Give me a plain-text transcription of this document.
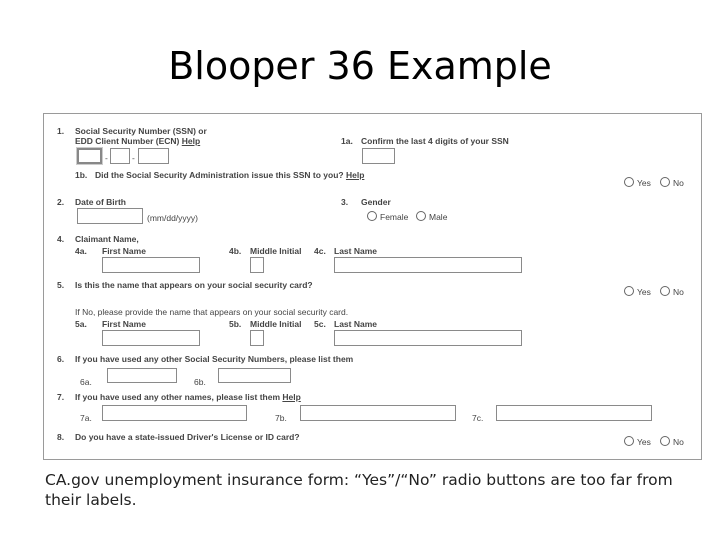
Blooper 36 Example
1. Social Security Number (SSN) or
EDD Client Number (ECN) Help
-	-
1a. Confirm the last 4 digits of your SSN
1b. Did the Social Security Administration issue this SSN to you? Help
Yes	No
2. Date of Birth
(mm/dd/yyyy)
3. Gender
Female Male
4. Claimant Name,
4a. First Name	4b. Middle Initial 4c. Last Name
5. Is this the name that appears on your social security card?
Yes	No
If No, please provide the name that appears on your social security card.
5a. First Name	5b. Middle Initial 5c. Last Name
6. If you have used any other Social Security Numbers, please list them
6a.	6b.
7. If you have used any other names, please list them Help
7a.	7b.	7c.
8. Do you have a state-issued Driver's License or ID card?	Yes	No
CA.gov unemployment insurance form: “Yes”/“No” radio buttons are too far from their labels.
